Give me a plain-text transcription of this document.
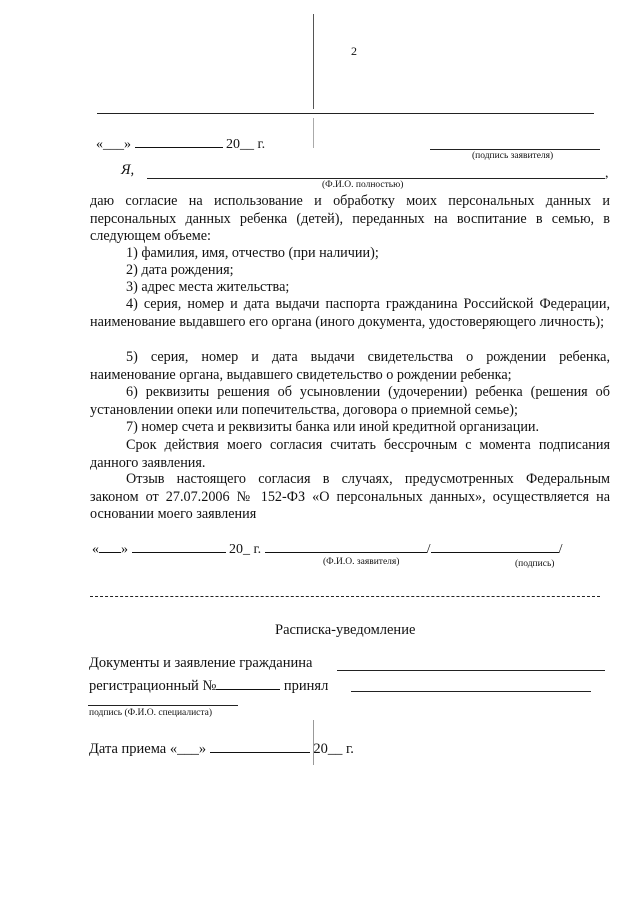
2
«___»	20__ г.
(подпись заявителя)
Я,	,
(Ф.И.О. полностью)
даю согласие на использование и обработку моих персональных данных и персональных данных ребенка (детей), переданных на воспитание в семью, в следующем объеме:
1) фамилия, имя, отчество (при наличии);
2) дата рождения;
3) адрес места жительства;
4) серия, номер и дата выдачи паспорта гражданина Российской Федерации, наименование выдавшего его органа (иного документа, удостоверяющего личность);
5) серия, номер и дата выдачи свидетельства о рождении ребенка, наименование органа, выдавшего свидетельство о рождении ребенка;
6) реквизиты решения об усыновлении (удочерении) ребенка (решения об установлении опеки или попечительства, договора о приемной семье);
7) номер счета и реквизиты банка или иной кредитной организации.
Срок действия моего согласия считать бессрочным с момента подписания данного заявления.
Отзыв настоящего согласия в случаях, предусмотренных Федеральным законом от 27.07.2006 № 152-ФЗ «О персональных данных», осуществляется на основании моего заявления
« »	20_ г.	/	/
(Ф.И.О. заявителя)	(подпись)
Расписка-уведомление
Документы и заявление гражданина
регистрационный №	принял
подпись (Ф.И.О. специалиста)
Дата приема «___»	20__ г.
